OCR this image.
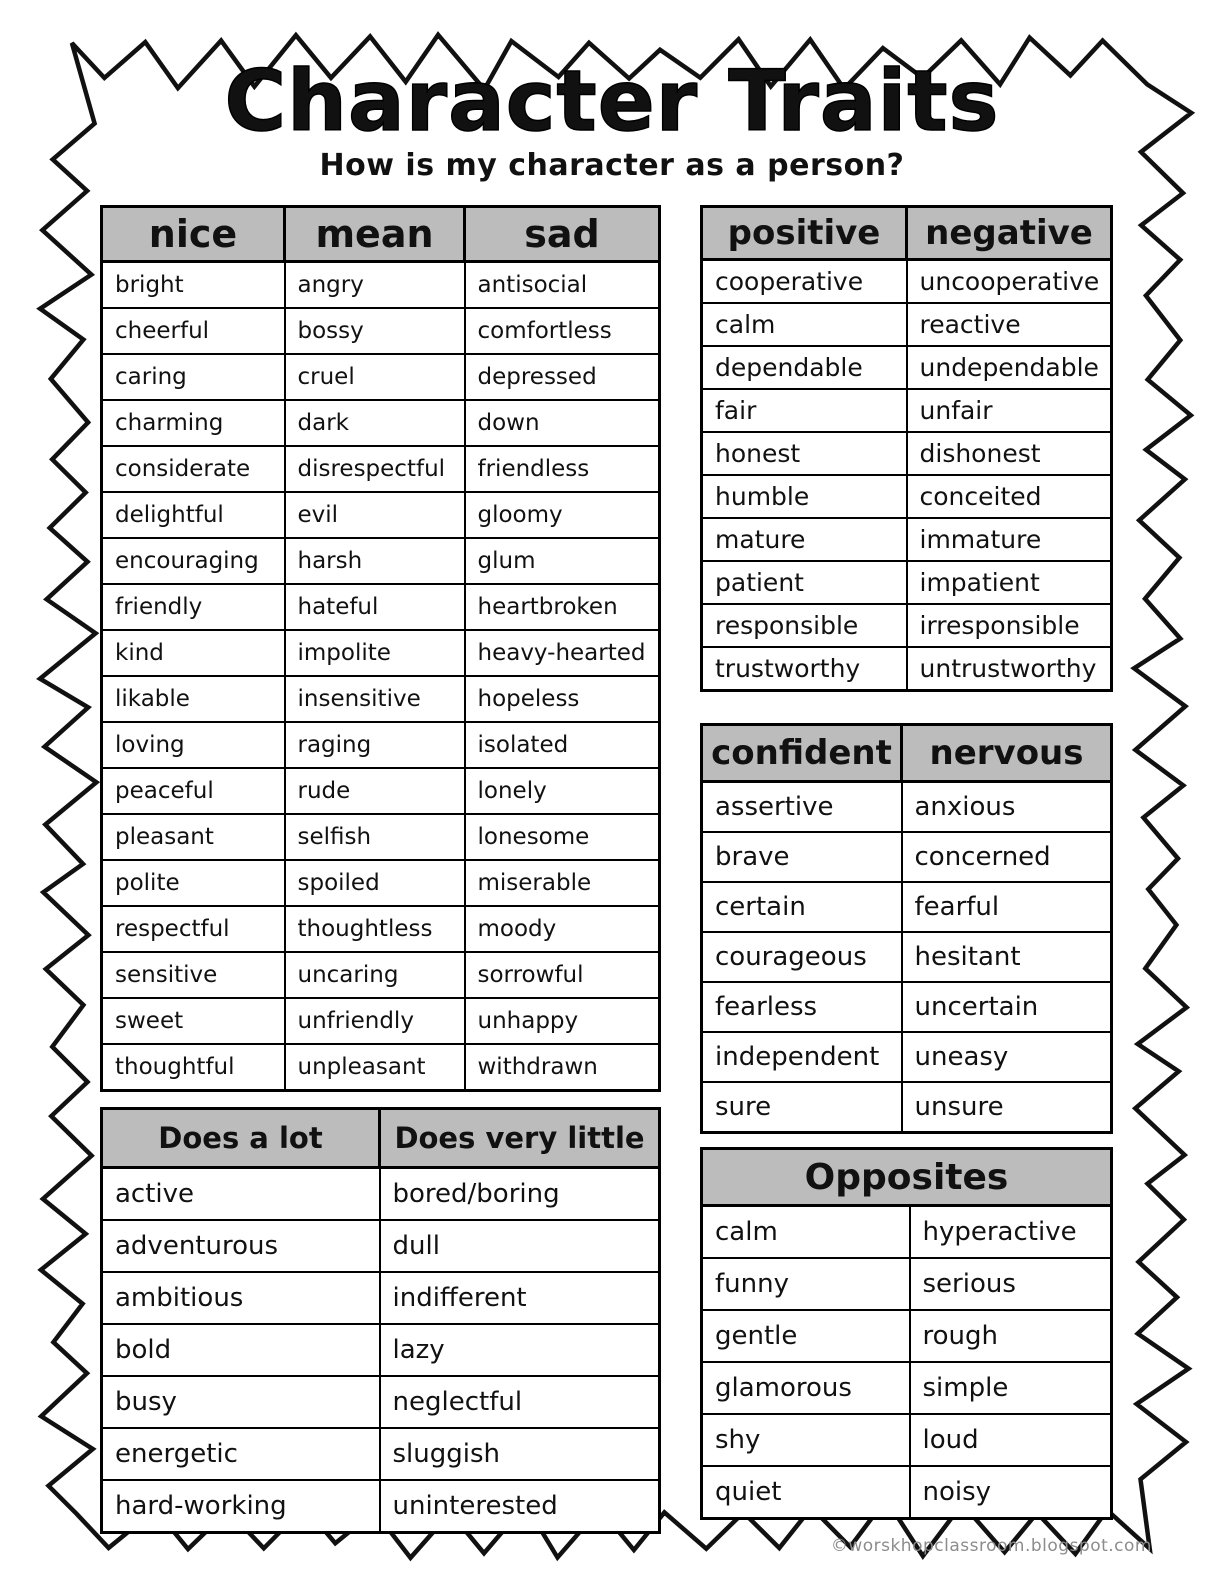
Character Traits
How is my character as a person?
nice	mean	sad
bright	angry	antisocial
cheerful	bossy	comfortless
caring	cruel	depressed
charming	dark	down
considerate	disrespectful	friendless
delightful	evil	gloomy
encouraging	harsh	glum
friendly	hateful	heartbroken
kind	impolite	heavy-hearted
likable	insensitive	hopeless
loving	raging	isolated
peaceful	rude	lonely
pleasant	selfish	lonesome
polite	spoiled	miserable
respectful	thoughtless	moody
sensitive	uncaring	sorrowful
sweet	unfriendly	unhappy
thoughtful	unpleasant	withdrawn
Does a lot	Does very little
active	bored/boring
adventurous	dull
ambitious	indifferent
bold	lazy
busy	neglectful
energetic	sluggish
hard-working	uninterested
positive	negative
cooperative	uncooperative
calm	reactive
dependable	undependable
fair	unfair
honest	dishonest
humble	conceited
mature	immature
patient	impatient
responsible	irresponsible
trustworthy	untrustworthy
confident	nervous
assertive	anxious
brave	concerned
certain	fearful
courageous	hesitant
fearless	uncertain
independent	uneasy
sure	unsure
Opposites	
calm	hyperactive
funny	serious
gentle	rough
glamorous	simple
shy	loud
quiet	noisy
©worskhopclassroom.blogspot.com
